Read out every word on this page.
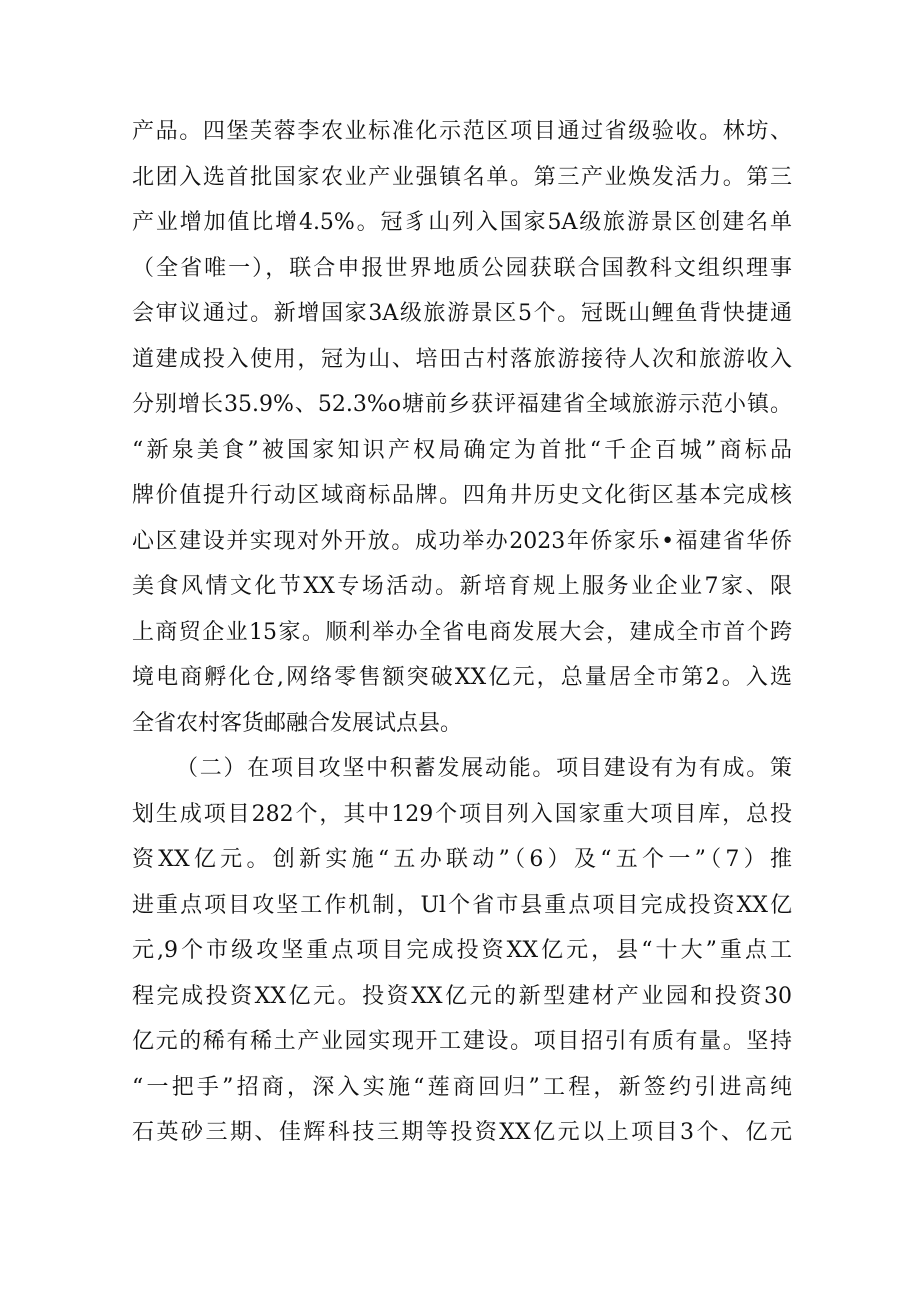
产品。四堡芙蓉李农业标准化示范区项目通过省级验收。林坊、
北团入选首批国家农业产业强镇名单。第三产业焕发活力。第三
产业增加值比增4.5%。冠豸山列入国家5A级旅游景区创建名单
（全省唯一），联合申报世界地质公园获联合国教科文组织理事
会审议通过。新增国家3A级旅游景区5个。冠既山鲤鱼背快捷通
道建成投入使用，冠为山、培田古村落旅游接待人次和旅游收入
分别增长35.9%、52.3%o塘前乡获评福建省全域旅游示范小镇。
“新泉美食”被国家知识产权局确定为首批“千企百城”商标品
牌价值提升行动区域商标品牌。四角井历史文化街区基本完成核
心区建设并实现对外开放。成功举办2023年侨家乐•福建省华侨
美食风情文化节XX专场活动。新培育规上服务业企业7家、限
上商贸企业15家。顺利举办全省电商发展大会，建成全市首个跨
境电商孵化仓,网络零售额突破XX亿元，总量居全市第2。入选
全省农村客货邮融合发展试点县。
（二）在项目攻坚中积蓄发展动能。项目建设有为有成。策
划生成项目282个，其中129个项目列入国家重大项目库，总投
资XX亿元。创新实施“五办联动”（6）及“五个一”（7）推
进重点项目攻坚工作机制，Ul个省市县重点项目完成投资XX亿
元,9个市级攻坚重点项目完成投资XX亿元，县“十大”重点工
程完成投资XX亿元。投资XX亿元的新型建材产业园和投资30
亿元的稀有稀土产业园实现开工建设。项目招引有质有量。坚持
“一把手”招商，深入实施“莲商回归”工程，新签约引进高纯
石英砂三期、佳辉科技三期等投资XX亿元以上项目3个、亿元
